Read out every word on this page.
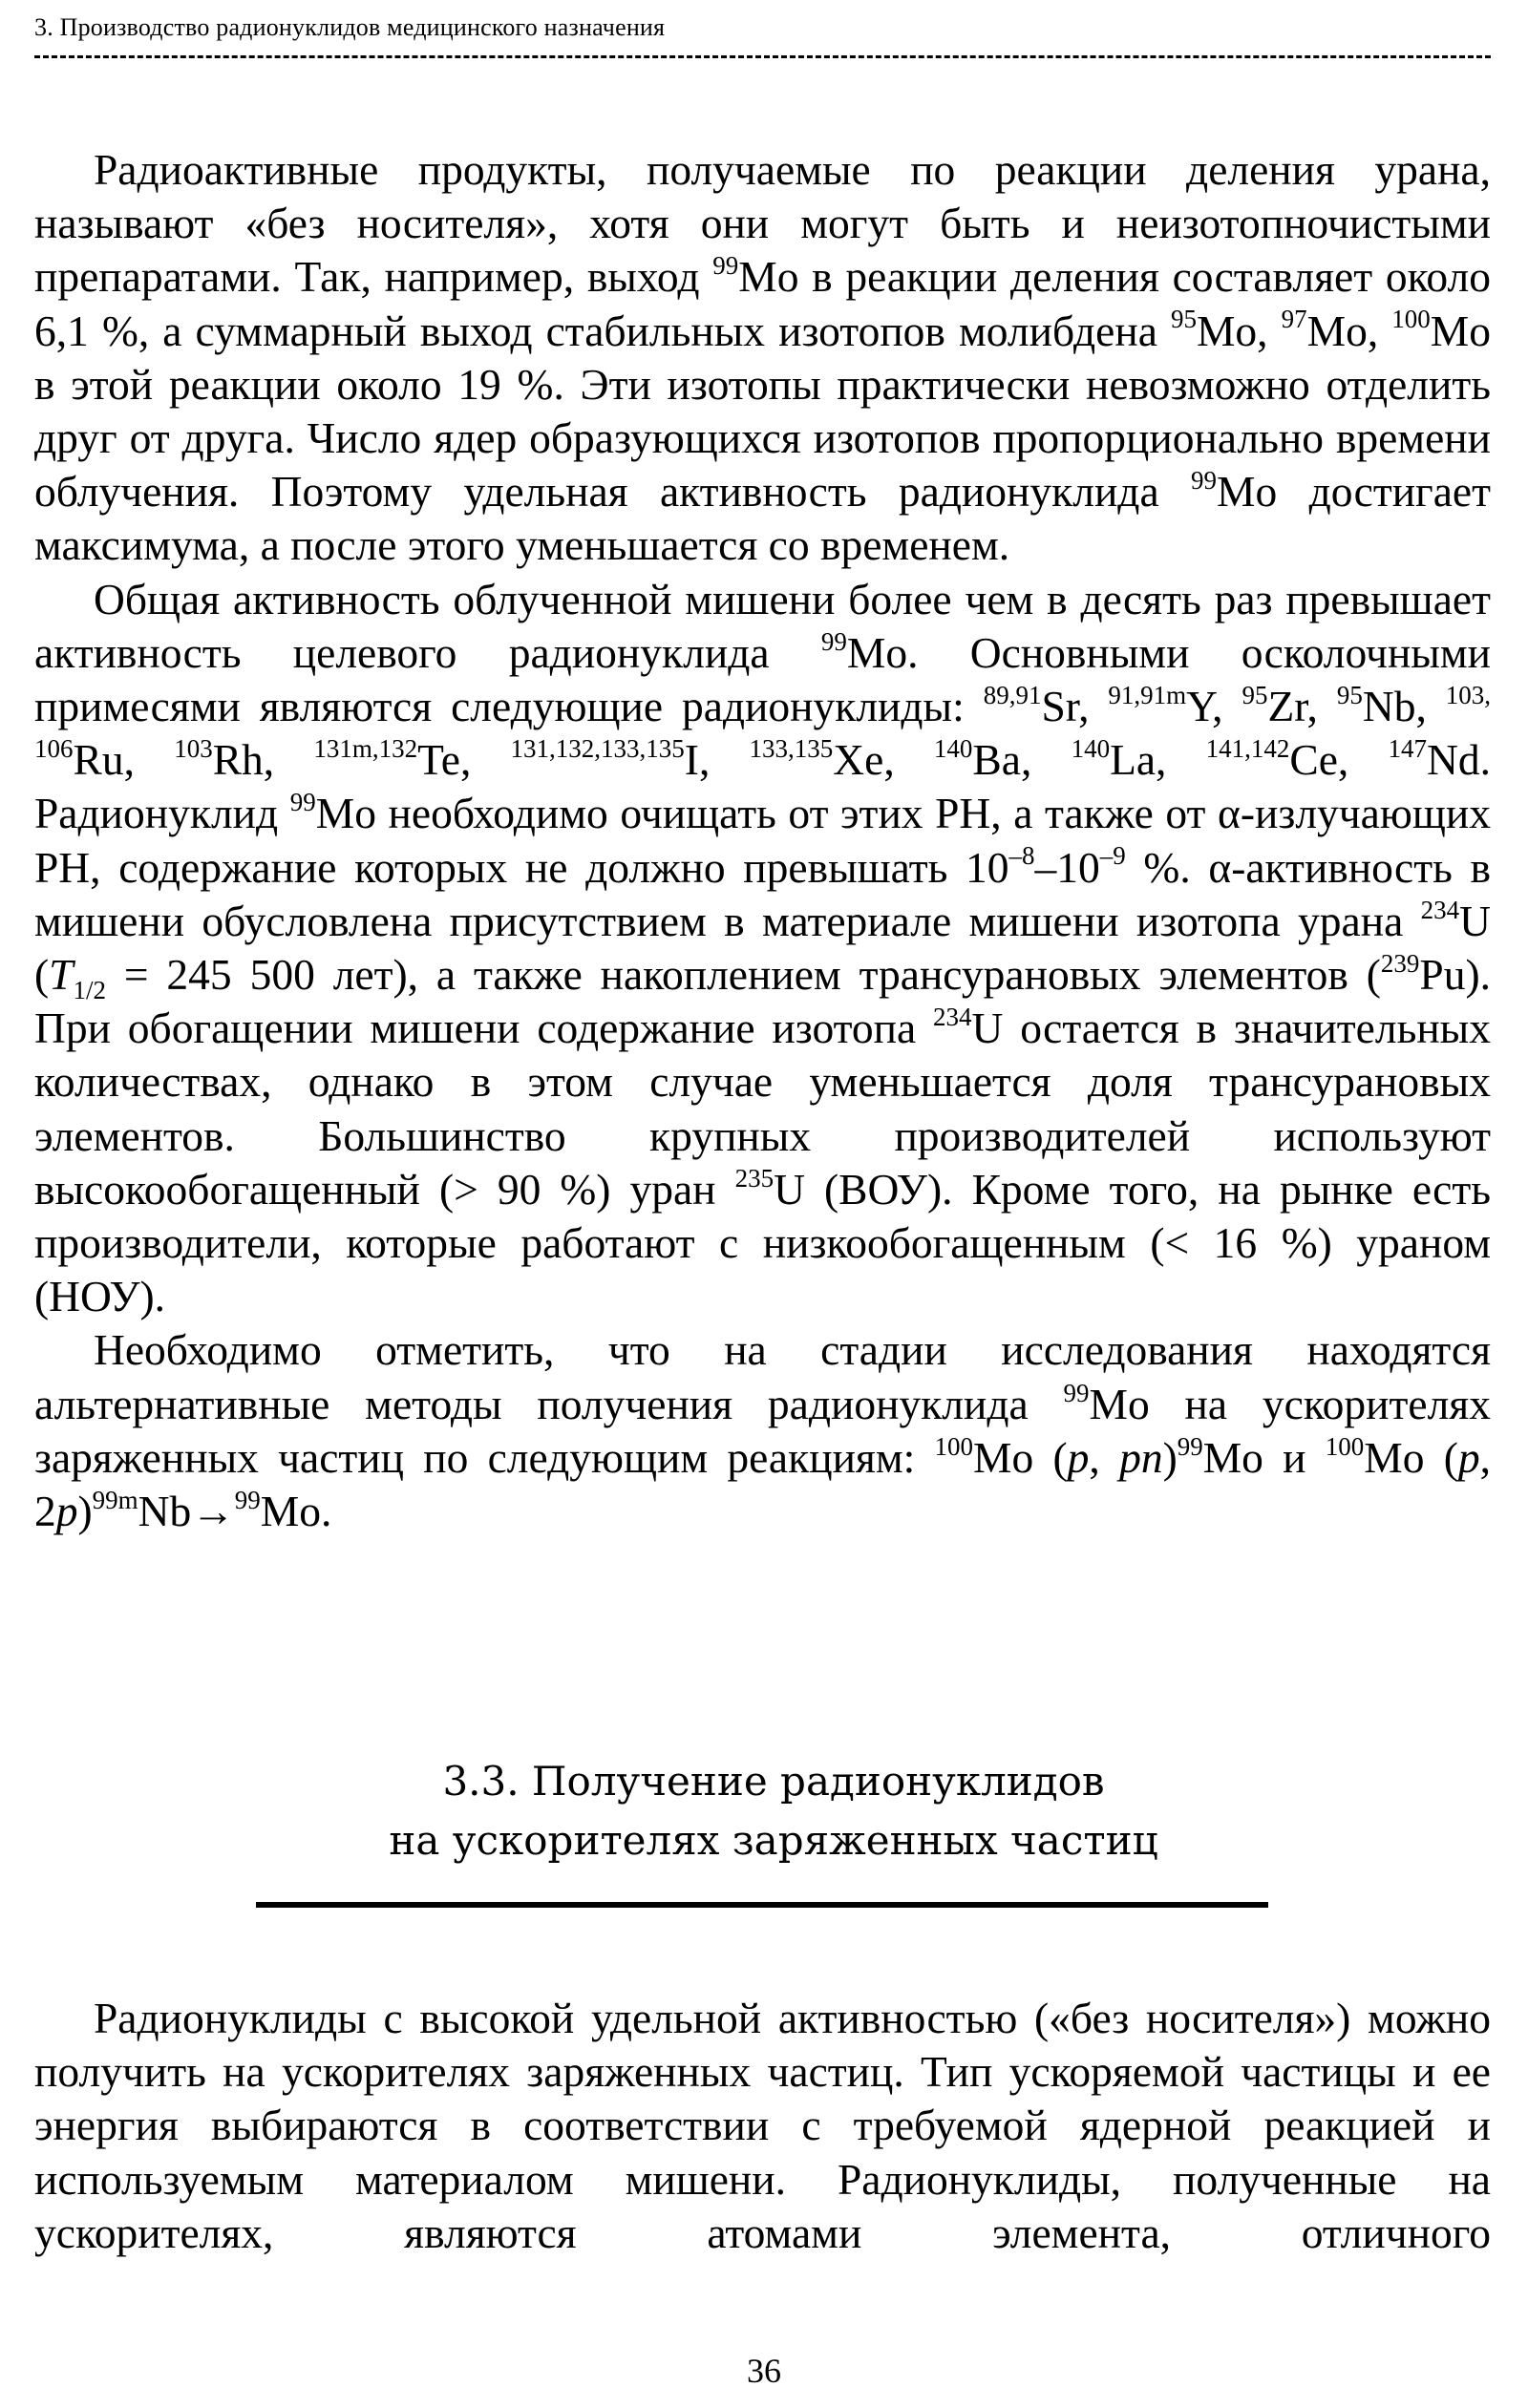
3. Производство радионуклидов медицинского назначения

Радиоактивные продукты, получаемые по реакции деления урана, называют «без носителя», хотя они могут быть и неизотопночистыми препаратами. Так, например, выход $^{99}$Mo в реакции деления составляет около 6,1 %, а суммарный выход стабильных изотопов молибдена $^{95}$Mo, $^{97}$Mo, $^{100}$Mo в этой реакции около 19 %. Эти изотопы практически невозможно отделить друг от друга. Число ядер образующихся изотопов пропорционально времени облучения. Поэтому удельная активность радионуклида $^{99}$Mo достигает максимума, а после этого уменьшается со временем.

Общая активность облученной мишени более чем в десять раз превышает активность целевого радионуклида $^{99}$Mo. Основными осколочными примесями являются следующие радионуклиды: $^{89,91}$Sr, $^{91,91m}$Y, $^{95}$Zr, $^{95}$Nb, $^{103, 106}$Ru, $^{103}$Rh, $^{131m,132}$Te, $^{131,132,133,135}$I, $^{133,135}$Xe, $^{140}$Ba, $^{140}$La, $^{141,142}$Ce, $^{147}$Nd. Радионуклид $^{99}$Mo необходимо очищать от этих РН, а также от α-излучающих РН, содержание которых не должно превышать $10^{-8}-10^{-9}$ %. α-активность в мишени обусловлена присутствием в материале мишени изотопа урана $^{234}$U ($T_{1/2} = 245$ 500 лет), а также накоплением трансурановых элементов ($^{239}$Pu). При обогащении мишени содержание изотопа $^{234}$U остается в значительных количествах, однако в этом случае уменьшается доля трансурановых элементов. Большинство крупных производителей используют высокообогащенный (> 90 %) уран $^{235}$U (ВОУ). Кроме того, на рынке есть производители, которые работают с низкообогащенным (< 16 %) ураном (НОУ).

Необходимо отметить, что на стадии исследования находятся альтернативные методы получения радионуклида $^{99}$Mo на ускорителях заряженных частиц по следующим реакциям: $^{100}$Mo (p, pn)$^{99}$Mo и $^{100}$Mo (p, 2p)$^{99m}$Nb→$^{99}$Mo.

3.3. Получение радионуклидов
на ускорителях заряженных частиц

Радионуклиды с высокой удельной активностью («без носителя») можно получить на ускорителях заряженных частиц. Тип ускоряемой частицы и ее энергия выбираются в соответствии с требуемой ядерной реакцией и используемым материалом мишени. Радионуклиды, полученные на ускорителях, являются атомами элемента, отличного

36
